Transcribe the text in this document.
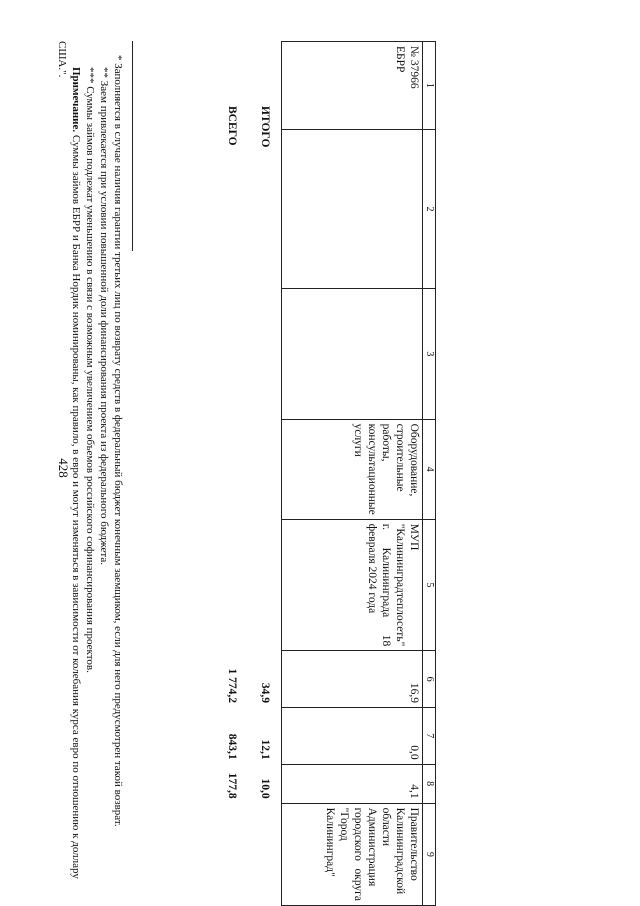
428
1	2	3	4	5	6	7	8	9
№ 37966
ЕБРР			Оборудование, строительные работы, консультационные услуги	МУП "Калининградтеплосеть" г. Калининграда 18 февраля 2024 года	16,9	0,0	4,1	Правительство Калининградской области Администрация городского округа "Город Калининград"
ИТОГО					34,9	12,1	10,0	
ВСЕГО					1 774,2	843,1	177,8	

* Заполняется в случае наличия гарантии третьих лиц по возврату средств в федеральный бюджет конечным заемщиком, если для него предусмотрен такой возврат.

** Заем привлекается при условии повышенной доли финансирования проекта из федерального бюджета.

*** Суммы займов подлежат уменьшению в связи с возможным увеличением объемов российского софинансирования проектов.

Примечание. Суммы займов ЕБРР и Банка Нордик номинированы, как правило, в евро и могут изменяться в зависимости от колебания курса евро по отношению к доллару США.".
